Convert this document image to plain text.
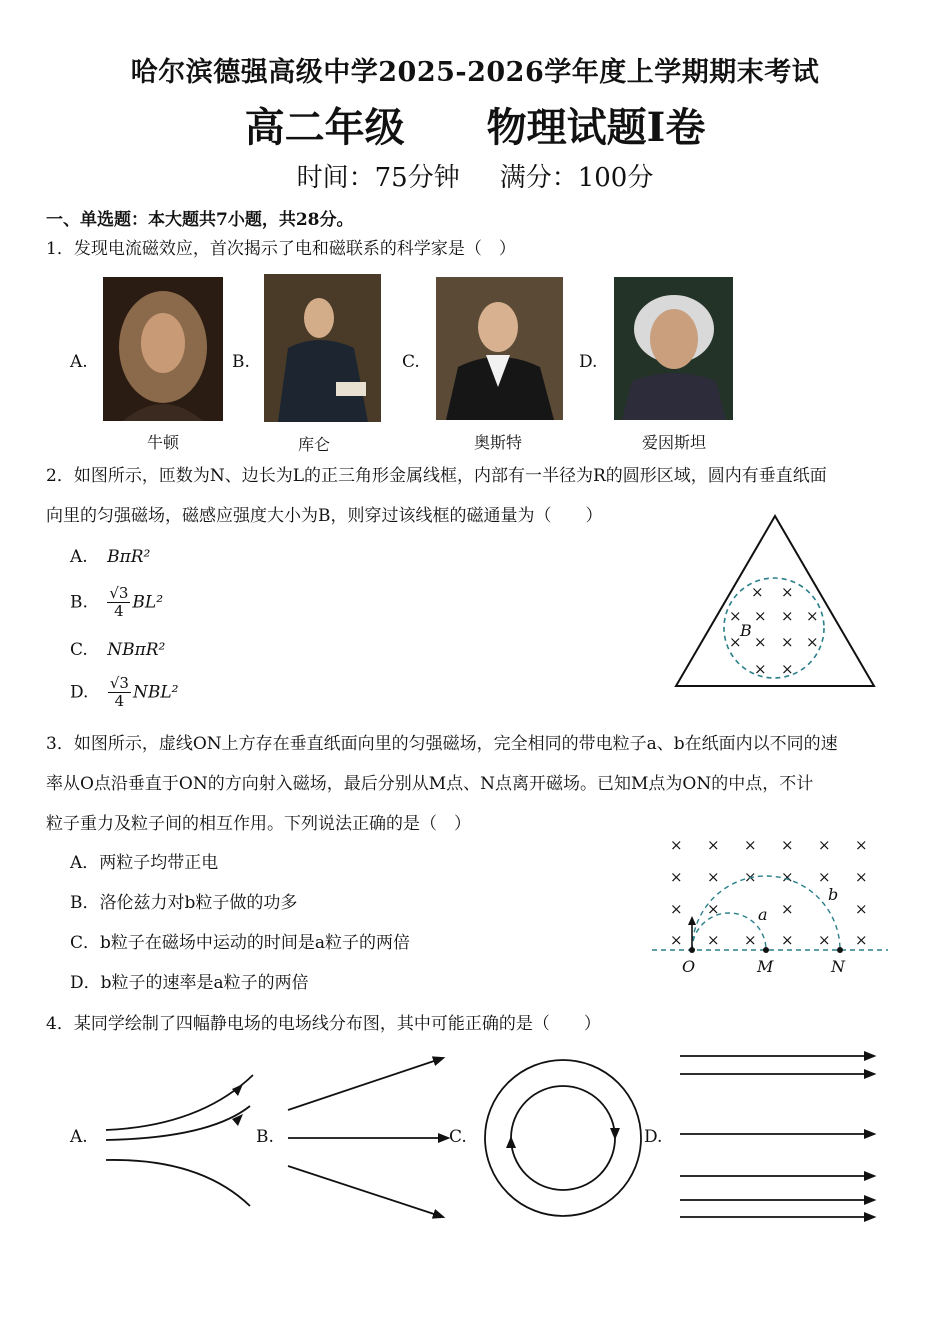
哈尔滨德强高级中学2025-2026学年度上学期期末考试
高二年级 物理试题Ⅰ卷
时间：75分钟 满分：100分
一、单选题：本大题共7小题，共28分。
1．发现电流磁效应，首次揭示了电和磁联系的科学家是（　）
A.
牛顿
B.
库仑
C.
奥斯特
D.
爱因斯坦
2．如图所示，匝数为N、边长为L的正三角形金属线框，内部有一半径为R的圆形区域，圆内有垂直纸面
向里的匀强磁场，磁感应强度大小为B，则穿过该线框的磁通量为（　　）
A. BπR²
B. $\frac{√3}{4} BL^2$
C. NBπR²
D. $\frac{√3}{4} NBL^2$
× ×
× × × ×
× × × ×
× ×
B
3．如图所示，虚线ON上方存在垂直纸面向里的匀强磁场，完全相同的带电粒子a、b在纸面内以不同的速
率从O点沿垂直于ON的方向射入磁场，最后分别从M点、N点离开磁场。已知M点为ON的中点，不计
粒子重力及粒子间的相互作用。下列说法正确的是（　）
A．两粒子均带正电
B．洛伦兹力对b粒子做的功多
C．b粒子在磁场中运动的时间是a粒子的两倍
D．b粒子的速率是a粒子的两倍
× × × × × ×
× × × × × ×
× ×	×	×
× × × × × ×
a
b
O	M	N
4．某同学绘制了四幅静电场的电场线分布图，其中可能正确的是（　　）
A.	B.	C.	D.
